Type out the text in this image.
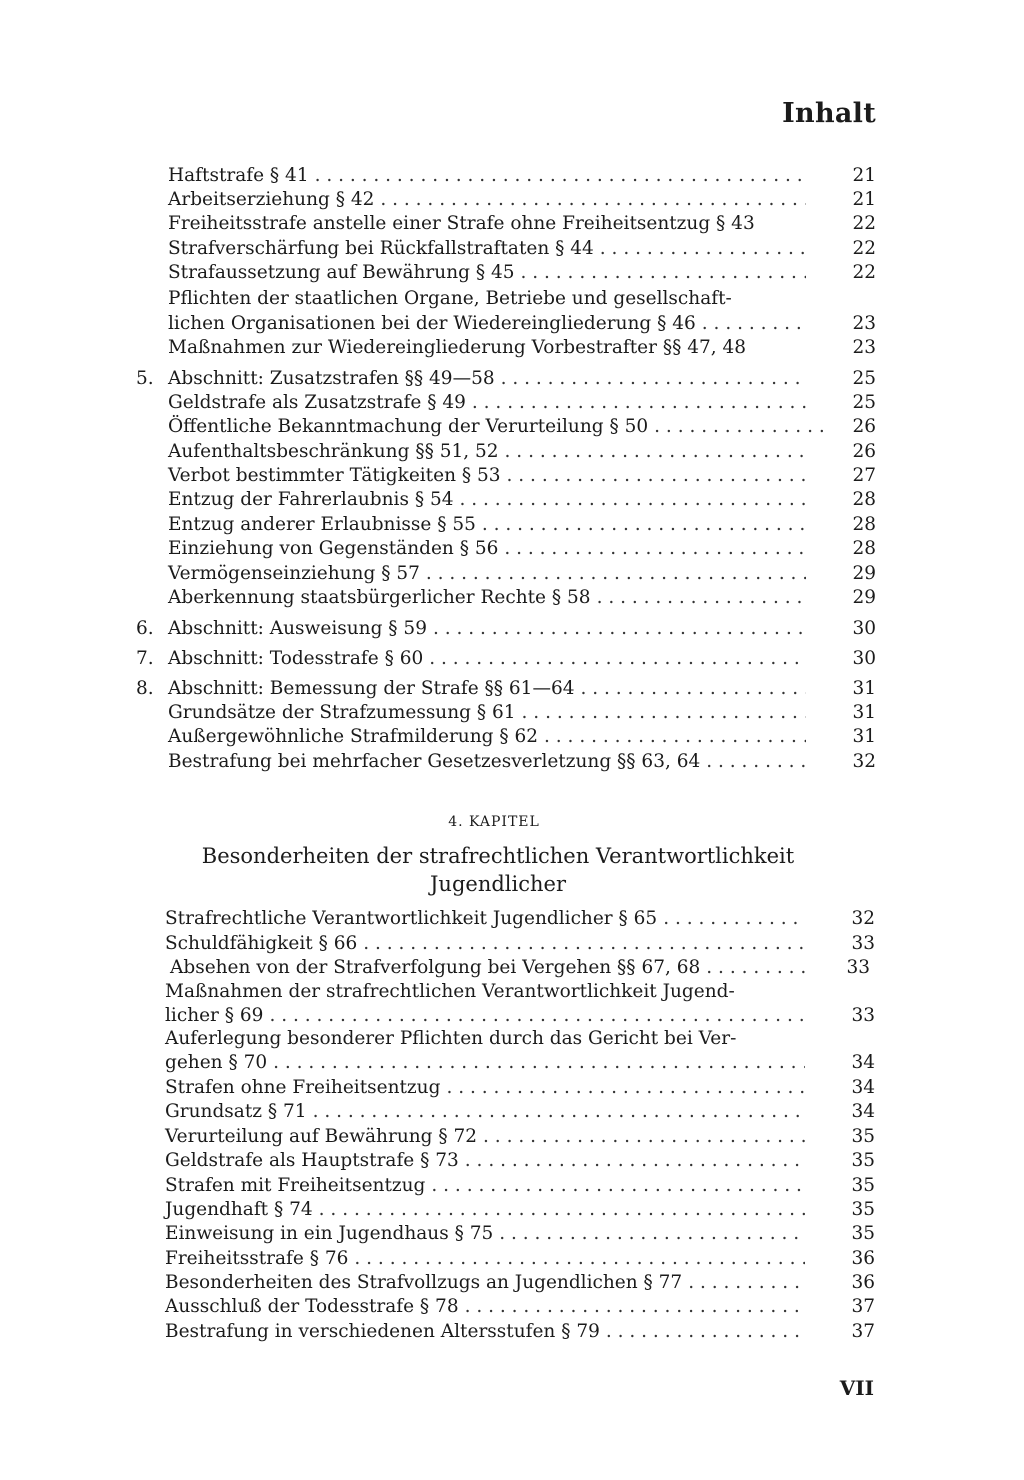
Inhalt
Haftstrafe § 41 . . .	21
Arbeitserziehung § 42 . . .	21
Freiheitsstrafe anstelle einer Strafe ohne Freiheitsentzug § 43	22
Strafverschärfung bei Rückfallstraftaten § 44 . . .	22
Strafaussetzung auf Bewährung § 45 . . .	22
Pflichten der staatlichen Organe, Betriebe und gesellschaft-
lichen Organisationen bei der Wiedereingliederung § 46 . . .	23
Maßnahmen zur Wiedereingliederung Vorbestrafter §§ 47, 48	23
5. Abschnitt: Zusatzstrafen §§ 49—58 . . .	25
Geldstrafe als Zusatzstrafe § 49 . . .	25
Öffentliche Bekanntmachung der Verurteilung § 50 . . .	26
Aufenthaltsbeschränkung §§ 51, 52 . . .	26
Verbot bestimmter Tätigkeiten § 53 . . .	27
Entzug der Fahrerlaubnis § 54 . . .	28
Entzug anderer Erlaubnisse § 55 . . .	28
Einziehung von Gegenständen § 56 . . .	28
Vermögenseinziehung § 57 . . .	29
Aberkennung staatsbürgerlicher Rechte § 58 . . .	29
6. Abschnitt: Ausweisung § 59 . . .	30
7. Abschnitt: Todesstrafe § 60 . . .	30
8. Abschnitt: Bemessung der Strafe §§ 61—64 . . .	31
Grundsätze der Strafzumessung § 61 . . .	31
Außergewöhnliche Strafmilderung § 62 . . .	31
Bestrafung bei mehrfacher Gesetzesverletzung §§ 63, 64 . . .	32
4. KAPITEL
Besonderheiten der strafrechtlichen Verantwortlichkeit
Jugendlicher
Strafrechtliche Verantwortlichkeit Jugendlicher § 65 . . .	32
Schuldfähigkeit § 66 . . .	33
Absehen von der Strafverfolgung bei Vergehen §§ 67, 68 . . .	33
Maßnahmen der strafrechtlichen Verantwortlichkeit Jugend-
licher § 69 . . .	33
Auferlegung besonderer Pflichten durch das Gericht bei Ver-
gehen § 70 . . .	34
Strafen ohne Freiheitsentzug . . .	34
Grundsatz § 71 . . .	34
Verurteilung auf Bewährung § 72 . . .	35
Geldstrafe als Hauptstrafe § 73 . . .	35
Strafen mit Freiheitsentzug . . .	35
Jugendhaft § 74 . . .	35
Einweisung in ein Jugendhaus § 75 . . .	35
Freiheitsstrafe § 76 . . .	36
Besonderheiten des Strafvollzugs an Jugendlichen § 77 . . .	36
Ausschluß der Todesstrafe § 78 . . .	37
Bestrafung in verschiedenen Altersstufen § 79 . . .	37
VII
